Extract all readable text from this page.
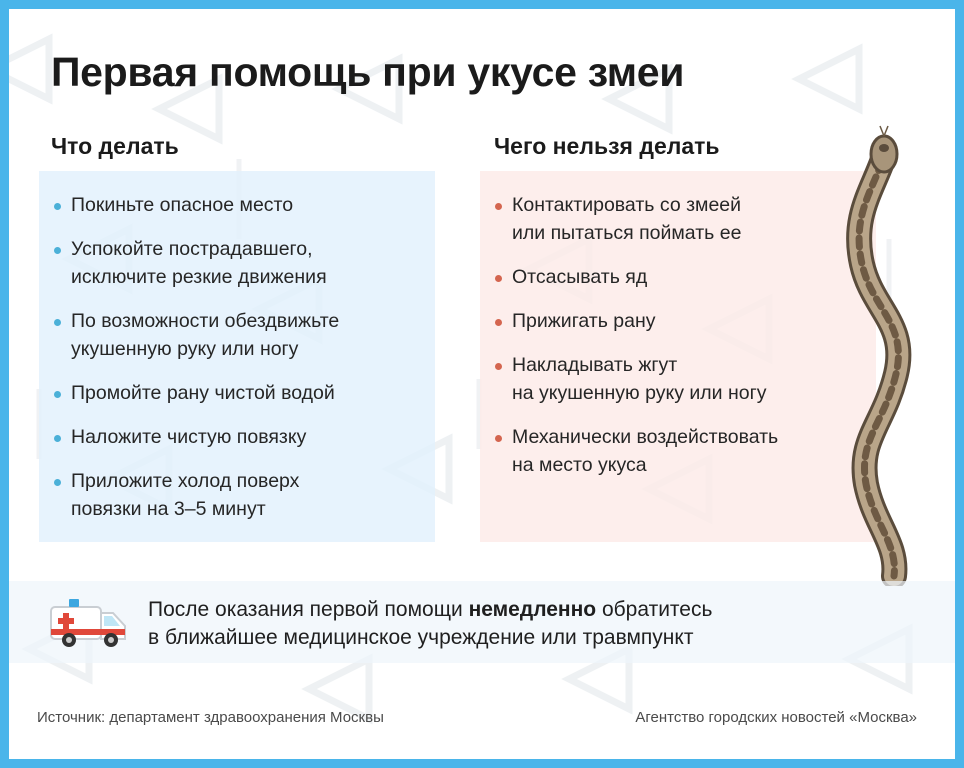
Первая помощь при укусе змеи
Что делать	Чего нельзя делать
Покиньте опасное место
Успокойте пострадавшего,
исключите резкие движения
По возможности обездвижьте
укушенную руку или ногу
Промойте рану чистой водой
Наложите чистую повязку
Приложите холод поверх
повязки на 3–5 минут
Контактировать со змеей
или пытаться поймать ее
Отсасывать яд
Прижигать рану
Накладывать жгут
на укушенную руку или ногу
Механически воздействовать
на место укуса
После оказания первой помощи немедленно обратитесь
в ближайшее медицинское учреждение или травмпункт
Источник: департамент здравоохранения Москвы	Агентство городских новостей «Москва»
